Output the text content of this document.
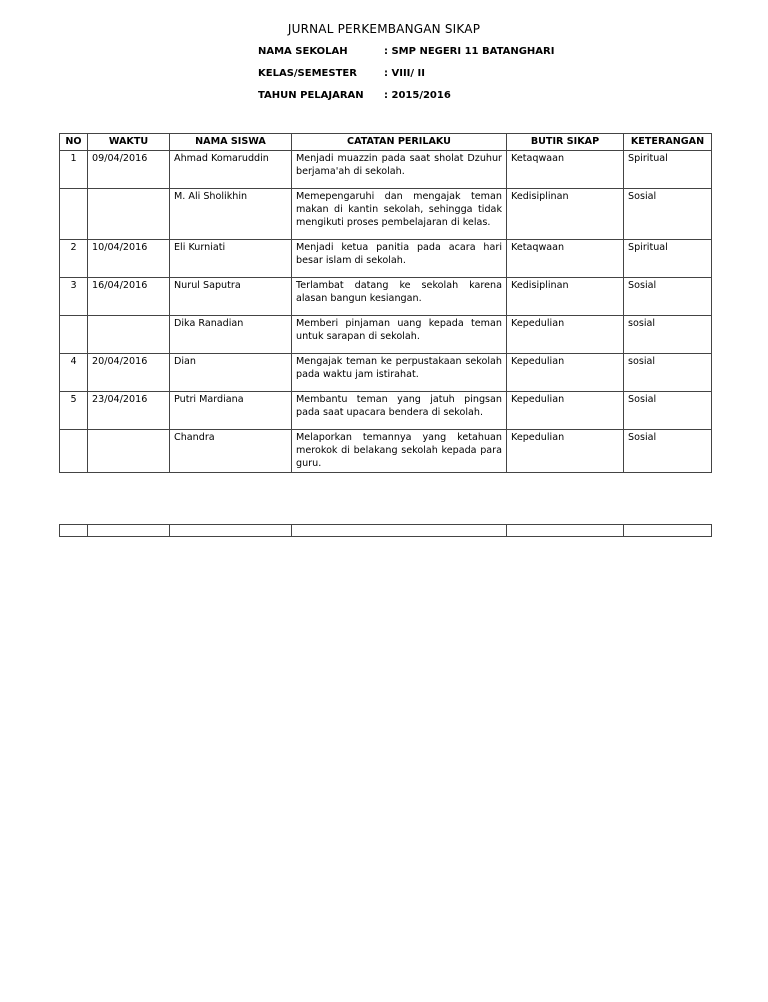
JURNAL PERKEMBANGAN SIKAP
NAMA SEKOLAH	: SMP NEGERI 11 BATANGHARI
KELAS/SEMESTER	: VIII/ II
TAHUN PELAJARAN : 2015/2016
NO	WAKTU	NAMA SISWA	CATATAN PERILAKU	BUTIR SIKAP	KETERANGAN
1	09/04/2016	Ahmad Komaruddin	Menjadi muazzin pada saat sholat Dzuhur berjama'ah di sekolah.	Ketaqwaan	Spiritual
		M. Ali Sholikhin	Memepengaruhi dan mengajak teman makan di kantin sekolah, sehingga tidak mengikuti proses pembelajaran di kelas.	Kedisiplinan	Sosial
2	10/04/2016	Eli Kurniati	Menjadi ketua panitia pada acara hari besar islam di sekolah.	Ketaqwaan	Spiritual
3	16/04/2016	Nurul Saputra	Terlambat datang ke sekolah karena alasan bangun kesiangan.	Kedisiplinan	Sosial
		Dika Ranadian	Memberi pinjaman uang kepada teman untuk sarapan di sekolah.	Kepedulian	sosial
4	20/04/2016	Dian	Mengajak teman ke perpustakaan sekolah pada waktu jam istirahat.	Kepedulian	sosial
5	23/04/2016	Putri Mardiana	Membantu teman yang jatuh pingsan pada saat upacara bendera di sekolah.	Kepedulian	Sosial
		Chandra	Melaporkan temannya yang ketahuan merokok di belakang sekolah kepada para guru.	Kepedulian	Sosial
